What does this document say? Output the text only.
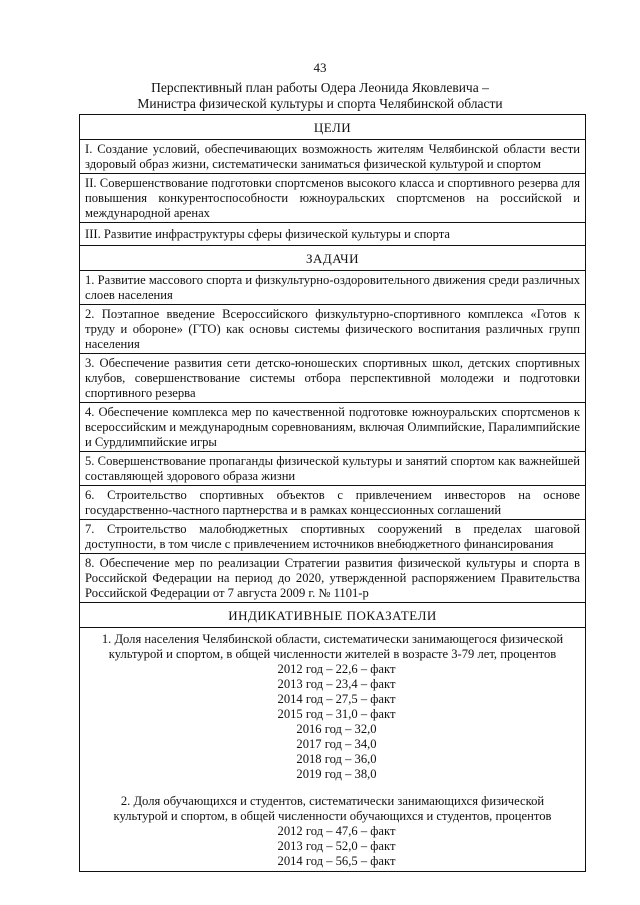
43
Перспективный план работы Одера Леонида Яковлевича –
Министра физической культуры и спорта Челябинской области
ЦЕЛИ
I. Создание условий, обеспечивающих возможность жителям Челябинской области вести здоровый образ жизни, систематически заниматься физической культурой и спортом
II. Совершенствование подготовки спортсменов высокого класса и спортивного резерва для повышения конкурентоспособности южноуральских спортсменов на российской и международной аренах
III. Развитие инфраструктуры сферы физической культуры и спорта
ЗАДАЧИ
1. Развитие массового спорта и физкультурно-оздоровительного движения среди различных слоев населения
2. Поэтапное введение Всероссийского физкультурно-спортивного комплекса «Готов к труду и обороне» (ГТО) как основы системы физического воспитания различных групп населения
3. Обеспечение развития сети детско-юношеских спортивных школ, детских спортивных клубов, совершенствование системы отбора перспективной молодежи и подготовки спортивного резерва
4. Обеспечение комплекса мер по качественной подготовке южноуральских спортсменов к всероссийским и международным соревнованиям, включая Олимпийские, Паралимпийские и Сурдлимпийские игры
5. Совершенствование пропаганды физической культуры и занятий спортом как важнейшей составляющей здорового образа жизни
6. Строительство спортивных объектов с привлечением инвесторов на основе государственно-частного партнерства и в рамках концессионных соглашений
7. Строительство малобюджетных спортивных сооружений в пределах шаговой доступности, в том числе с привлечением источников внебюджетного финансирования
8. Обеспечение мер по реализации Стратегии развития физической культуры и спорта в Российской Федерации на период до 2020, утвержденной распоряжением Правительства Российской Федерации от 7 августа 2009 г. № 1101-р
ИНДИКАТИВНЫЕ ПОКАЗАТЕЛИ
1. Доля населения Челябинской области, систематически занимающегося физической культурой и спортом, в общей численности жителей в возрасте 3-79 лет, процентов
2012 год – 22,6 – факт
2013 год – 23,4 – факт
2014 год – 27,5 – факт
2015 год – 31,0 – факт
2016 год – 32,0
2017 год – 34,0
2018 год – 36,0
2019 год – 38,0
2. Доля обучающихся и студентов, систематически занимающихся физической культурой и спортом, в общей численности обучающихся и студентов, процентов
2012 год – 47,6 – факт
2013 год – 52,0 – факт
2014 год – 56,5 – факт
